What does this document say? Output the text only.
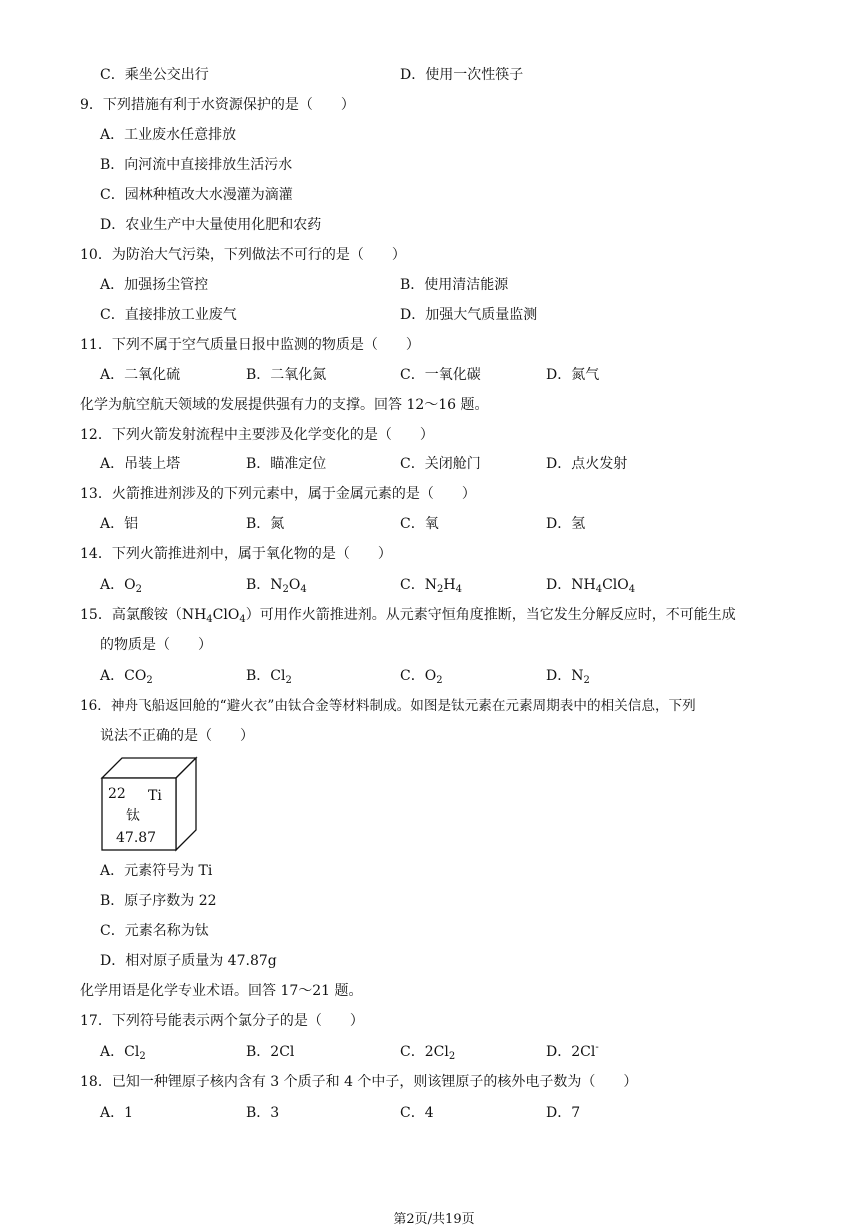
C．乘坐公交出行	D．使用一次性筷子
9．下列措施有利于水资源保护的是（　　）
A．工业废水任意排放
B．向河流中直接排放生活污水
C．园林种植改大水漫灌为滴灌
D．农业生产中大量使用化肥和农药
10．为防治大气污染，下列做法不可行的是（　　）
A．加强扬尘管控	B．使用清洁能源
C．直接排放工业废气	D．加强大气质量监测
11．下列不属于空气质量日报中监测的物质是（　　）
A．二氧化硫	B．二氧化氮	C．一氧化碳	D．氮气
化学为航空航天领域的发展提供强有力的支撑。回答 12～16 题。
12．下列火箭发射流程中主要涉及化学变化的是（　　）
A．吊装上塔	B．瞄准定位	C．关闭舱门	D．点火发射
13．火箭推进剂涉及的下列元素中，属于金属元素的是（　　）
A．铝	B．氮	C．氧	D．氢
14．下列火箭推进剂中，属于氧化物的是（　　）
A．$O_2$	B．$N_2O_4$	C．$N_2H_4$	D．$NH_4ClO_4$
15．高氯酸铵$(NH_4ClO_4)$可用作火箭推进剂。从元素守恒角度推断，当它发生分解反应时，不可能生成
的物质是（　　）
A．$CO_2$	B．$Cl_2$	C．$O_2$	D．$N_2$
16．神舟飞船返回舱的“避火衣”由钛合金等材料制成。如图是钛元素在元素周期表中的相关信息，下列
说法不正确的是（　　）
22 Ti
钛
47.87
A．元素符号为 Ti
B．原子序数为 22
C．元素名称为钛
D．相对原子质量为 47.87g
化学用语是化学专业术语。回答 17～21 题。
17．下列符号能表示两个氯分子的是（　　）
A．$Cl_2$	B．2Cl	C．$2Cl_2$	D．2Cl-
18．已知一种锂原子核内含有 3 个质子和 4 个中子，则该锂原子的核外电子数为（　　）
A．1	B．3	C．4	D．7
第2页/共19页
